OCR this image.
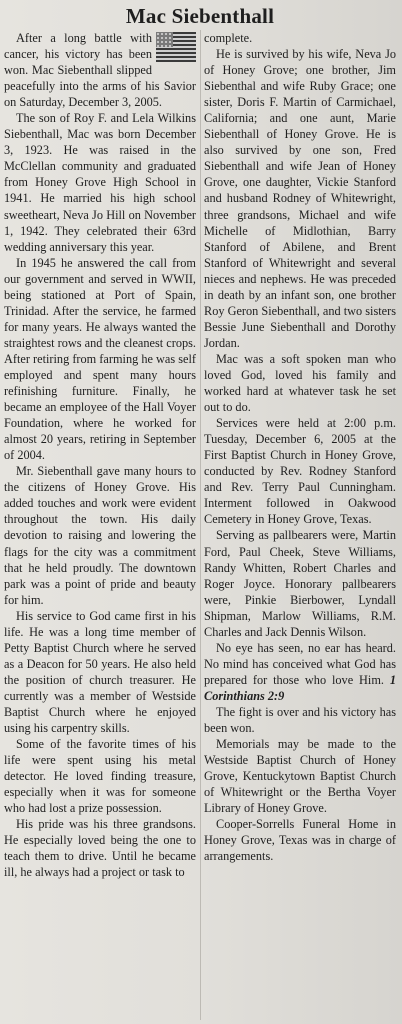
Mac Siebenthall

After a long battle with cancer, his victory has been won. Mac Siebenthall slipped peacefully into the arms of his Savior on Saturday, December 3, 2005.

The son of Roy F. and Lela Wilkins Siebenthall, Mac was born December 3, 1923. He was raised in the McClellan community and graduated from Honey Grove High School in 1941. He married his high school sweetheart, Neva Jo Hill on November 1, 1942. They celebrated their 63rd wedding anniversary this year.

In 1945 he answered the call from our government and served in WWII, being stationed at Port of Spain, Trinidad. After the service, he farmed for many years. He always wanted the straightest rows and the cleanest crops. After retiring from farming he was self employed and spent many hours refinishing furniture. Finally, he became an employee of the Hall Voyer Foundation, where he worked for almost 20 years, retiring in September of 2004.

Mr. Siebenthall gave many hours to the citizens of Honey Grove. His added touches and work were evident throughout the town. His daily devotion to raising and lowering the flags for the city was a commitment that he held proudly. The downtown park was a point of pride and beauty for him.

His service to God came first in his life. He was a long time member of Petty Baptist Church where he served as a Deacon for 50 years. He also held the position of church treasurer. He currently was a member of Westside Baptist Church where he enjoyed using his carpentry skills.

Some of the favorite times of his life were spent using his metal detector. He loved finding treasure, especially when it was for someone who had lost a prize possession.

His pride was his three grandsons. He especially loved being the one to teach them to drive. Until he became ill, he always had a project or task to

complete.

He is survived by his wife, Neva Jo of Honey Grove; one brother, Jim Siebenthal and wife Ruby Grace; one sister, Doris F. Martin of Carmichael, California; and one aunt, Marie Siebenthall of Honey Grove. He is also survived by one son, Fred Siebenthall and wife Jean of Honey Grove, one daughter, Vickie Stanford and husband Rodney of Whitewright, three grandsons, Michael and wife Michelle of Midlothian, Barry Stanford of Abilene, and Brent Stanford of Whitewright and several nieces and nephews. He was preceded in death by an infant son, one brother Roy Geron Siebenthall, and two sisters Bessie June Siebenthall and Dorothy Jordan.

Mac was a soft spoken man who loved God, loved his family and worked hard at whatever task he set out to do.

Services were held at 2:00 p.m. Tuesday, December 6, 2005 at the First Baptist Church in Honey Grove, conducted by Rev. Rodney Stanford and Rev. Terry Paul Cunningham. Interment followed in Oakwood Cemetery in Honey Grove, Texas.

Serving as pallbearers were, Martin Ford, Paul Cheek, Steve Williams, Randy Whitten, Robert Charles and Roger Joyce. Honorary pallbearers were, Pinkie Bierbower, Lyndall Shipman, Marlow Williams, R.M. Charles and Jack Dennis Wilson.

No eye has seen, no ear has heard. No mind has conceived what God has prepared for those who love Him. 1 Corinthians 2:9

The fight is over and his victory has been won.

Memorials may be made to the Westside Baptist Church of Honey Grove, Kentuckytown Baptist Church of Whitewright or the Bertha Voyer Library of Honey Grove.

Cooper-Sorrells Funeral Home in Honey Grove, Texas was in charge of arrangements.
